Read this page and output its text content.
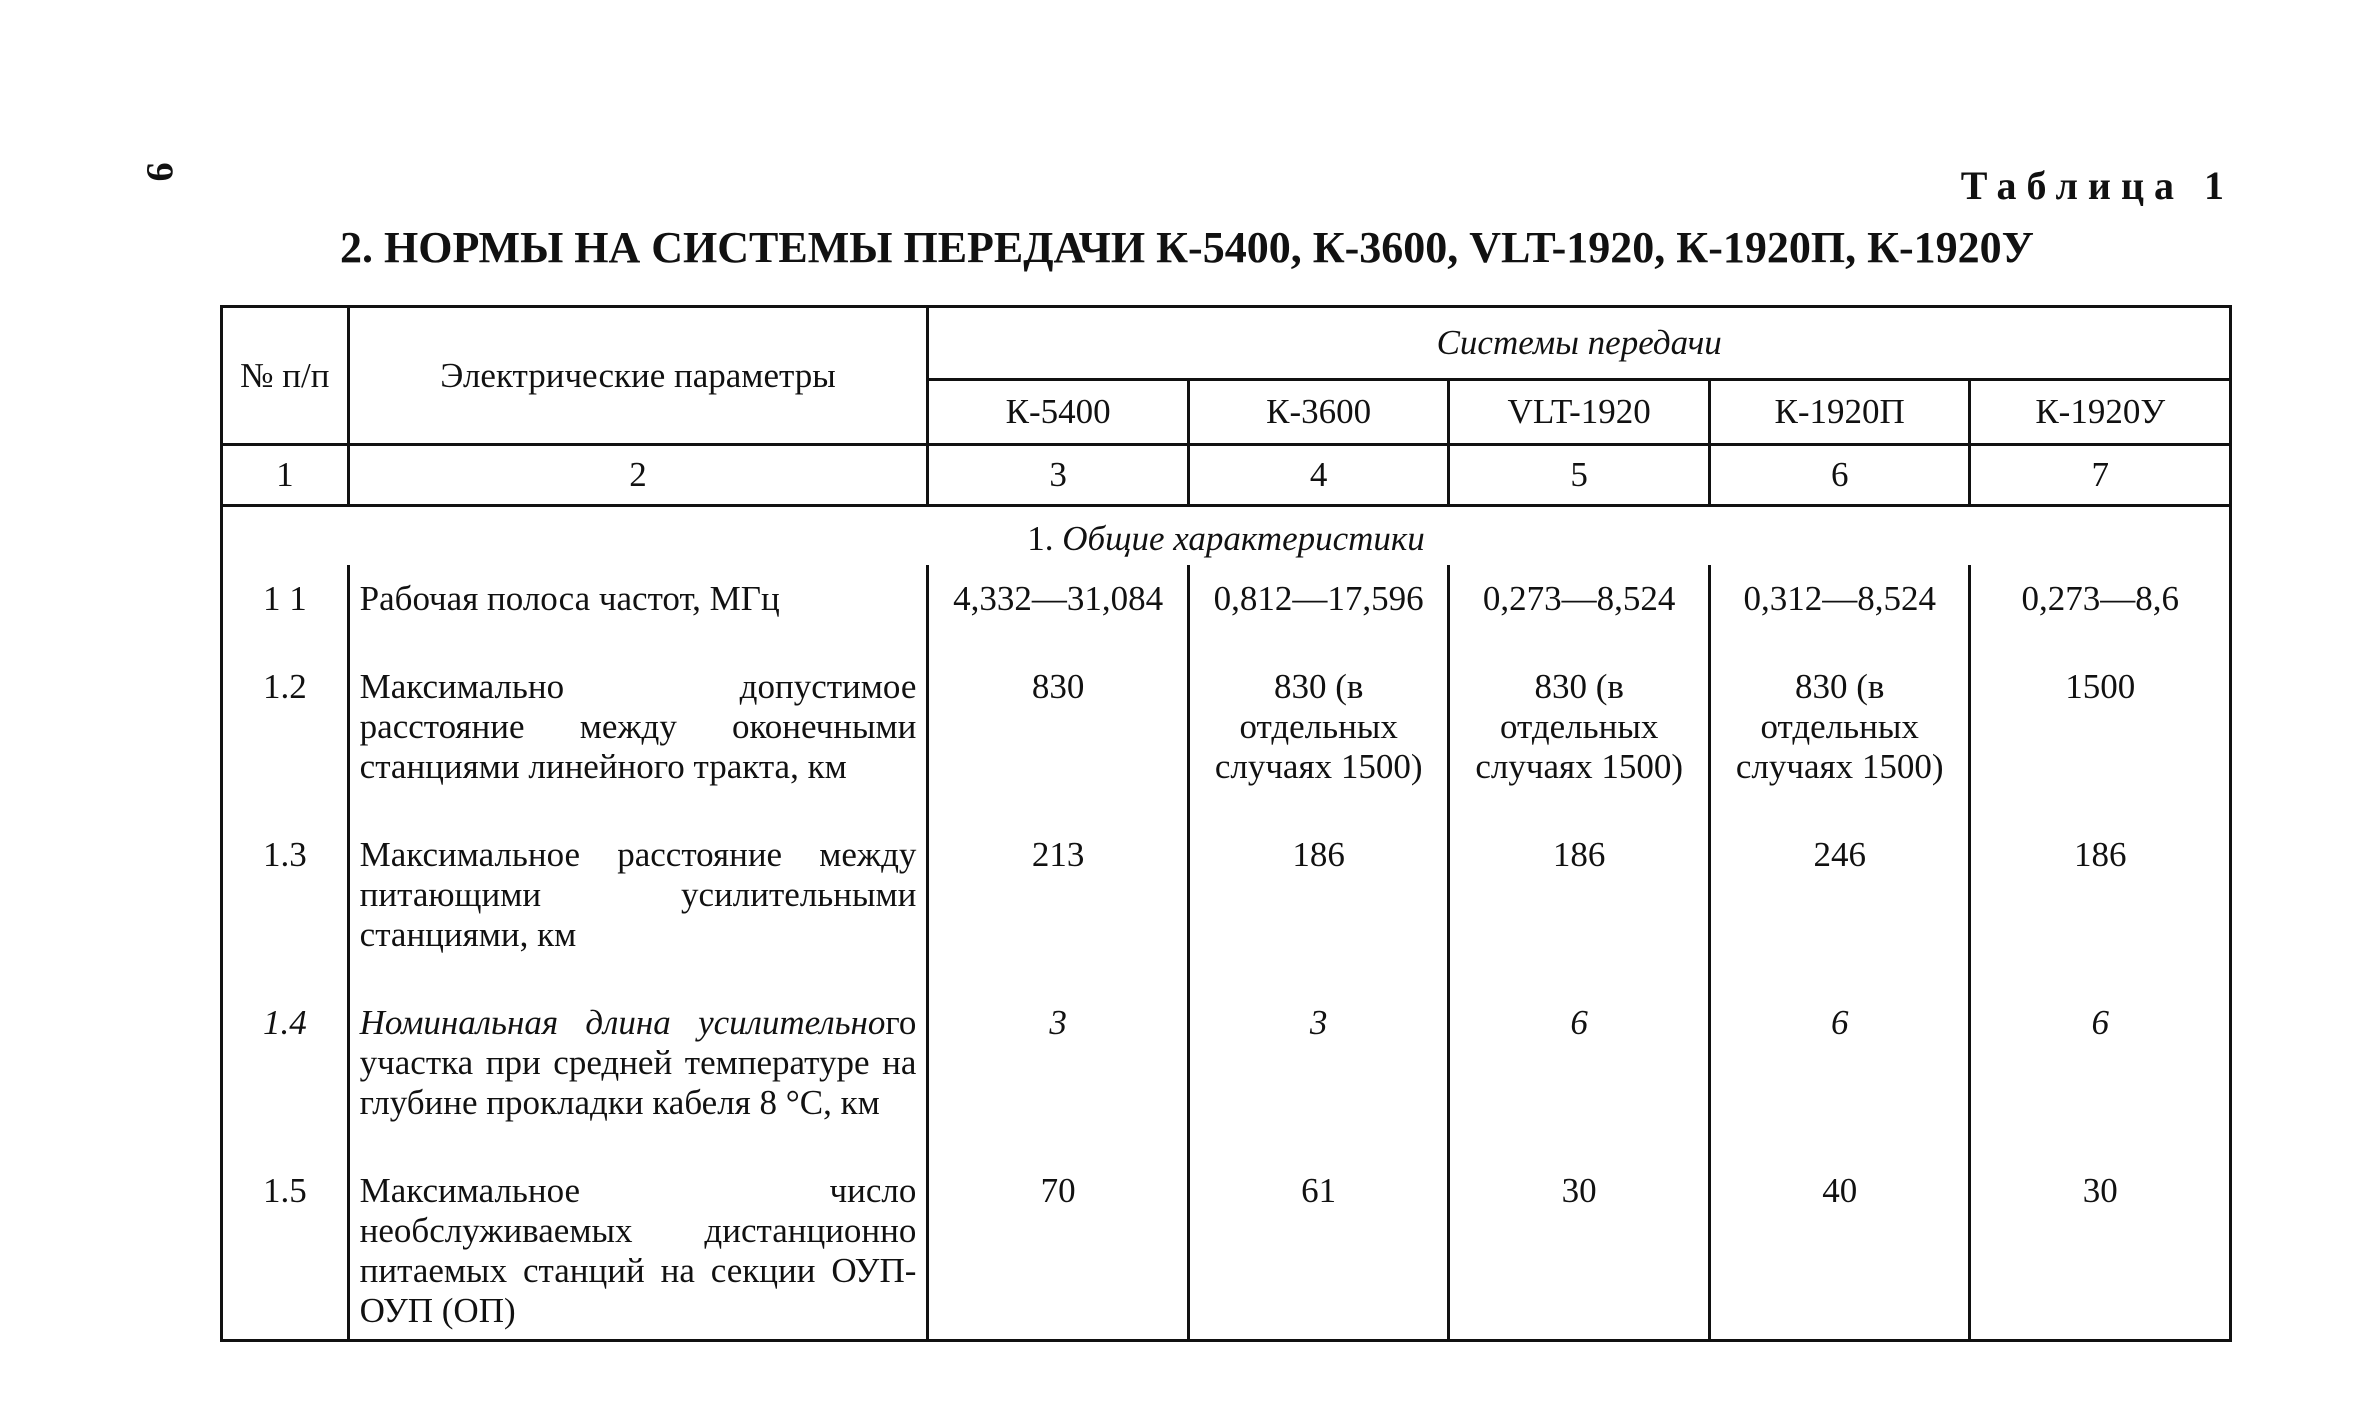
9	Таблица 1
2. НОРМЫ НА СИСТЕМЫ ПЕРЕДАЧИ К-5400, К-3600, VLT-1920, К-1920П, К-1920У
№ п/п	Электрические параметры	Системы передачи				
		К-5400	К-3600	VLT-1920	К-1920П	К-1920У
1	2	3	4	5	6	7
1. Общие характеристики						
1 1	Рабочая полоса частот, МГц	4,332—31,084	0,812—17,596	0,273—8,524	0,312—8,524	0,273—8,6
1.2	Максимально допустимое расстояние между оконечными станциями линейного тракта, км	830	830 (в отдельных случаях 1500)	830 (в отдельных случаях 1500)	830 (в отдельных случаях 1500)	1500
1.3	Максимальное расстояние между питающими усилительными станциями, км	213	186	186	246	186
1.4	Номинальная длина усилительного участка при средней температуре на глубине прокладки кабеля 8 °С, км	3	3	6	6	6
1.5	Максимальное число необслуживаемых дистанционно питаемых станций на секции ОУП-ОУП (ОП)	70	61	30	40	30
